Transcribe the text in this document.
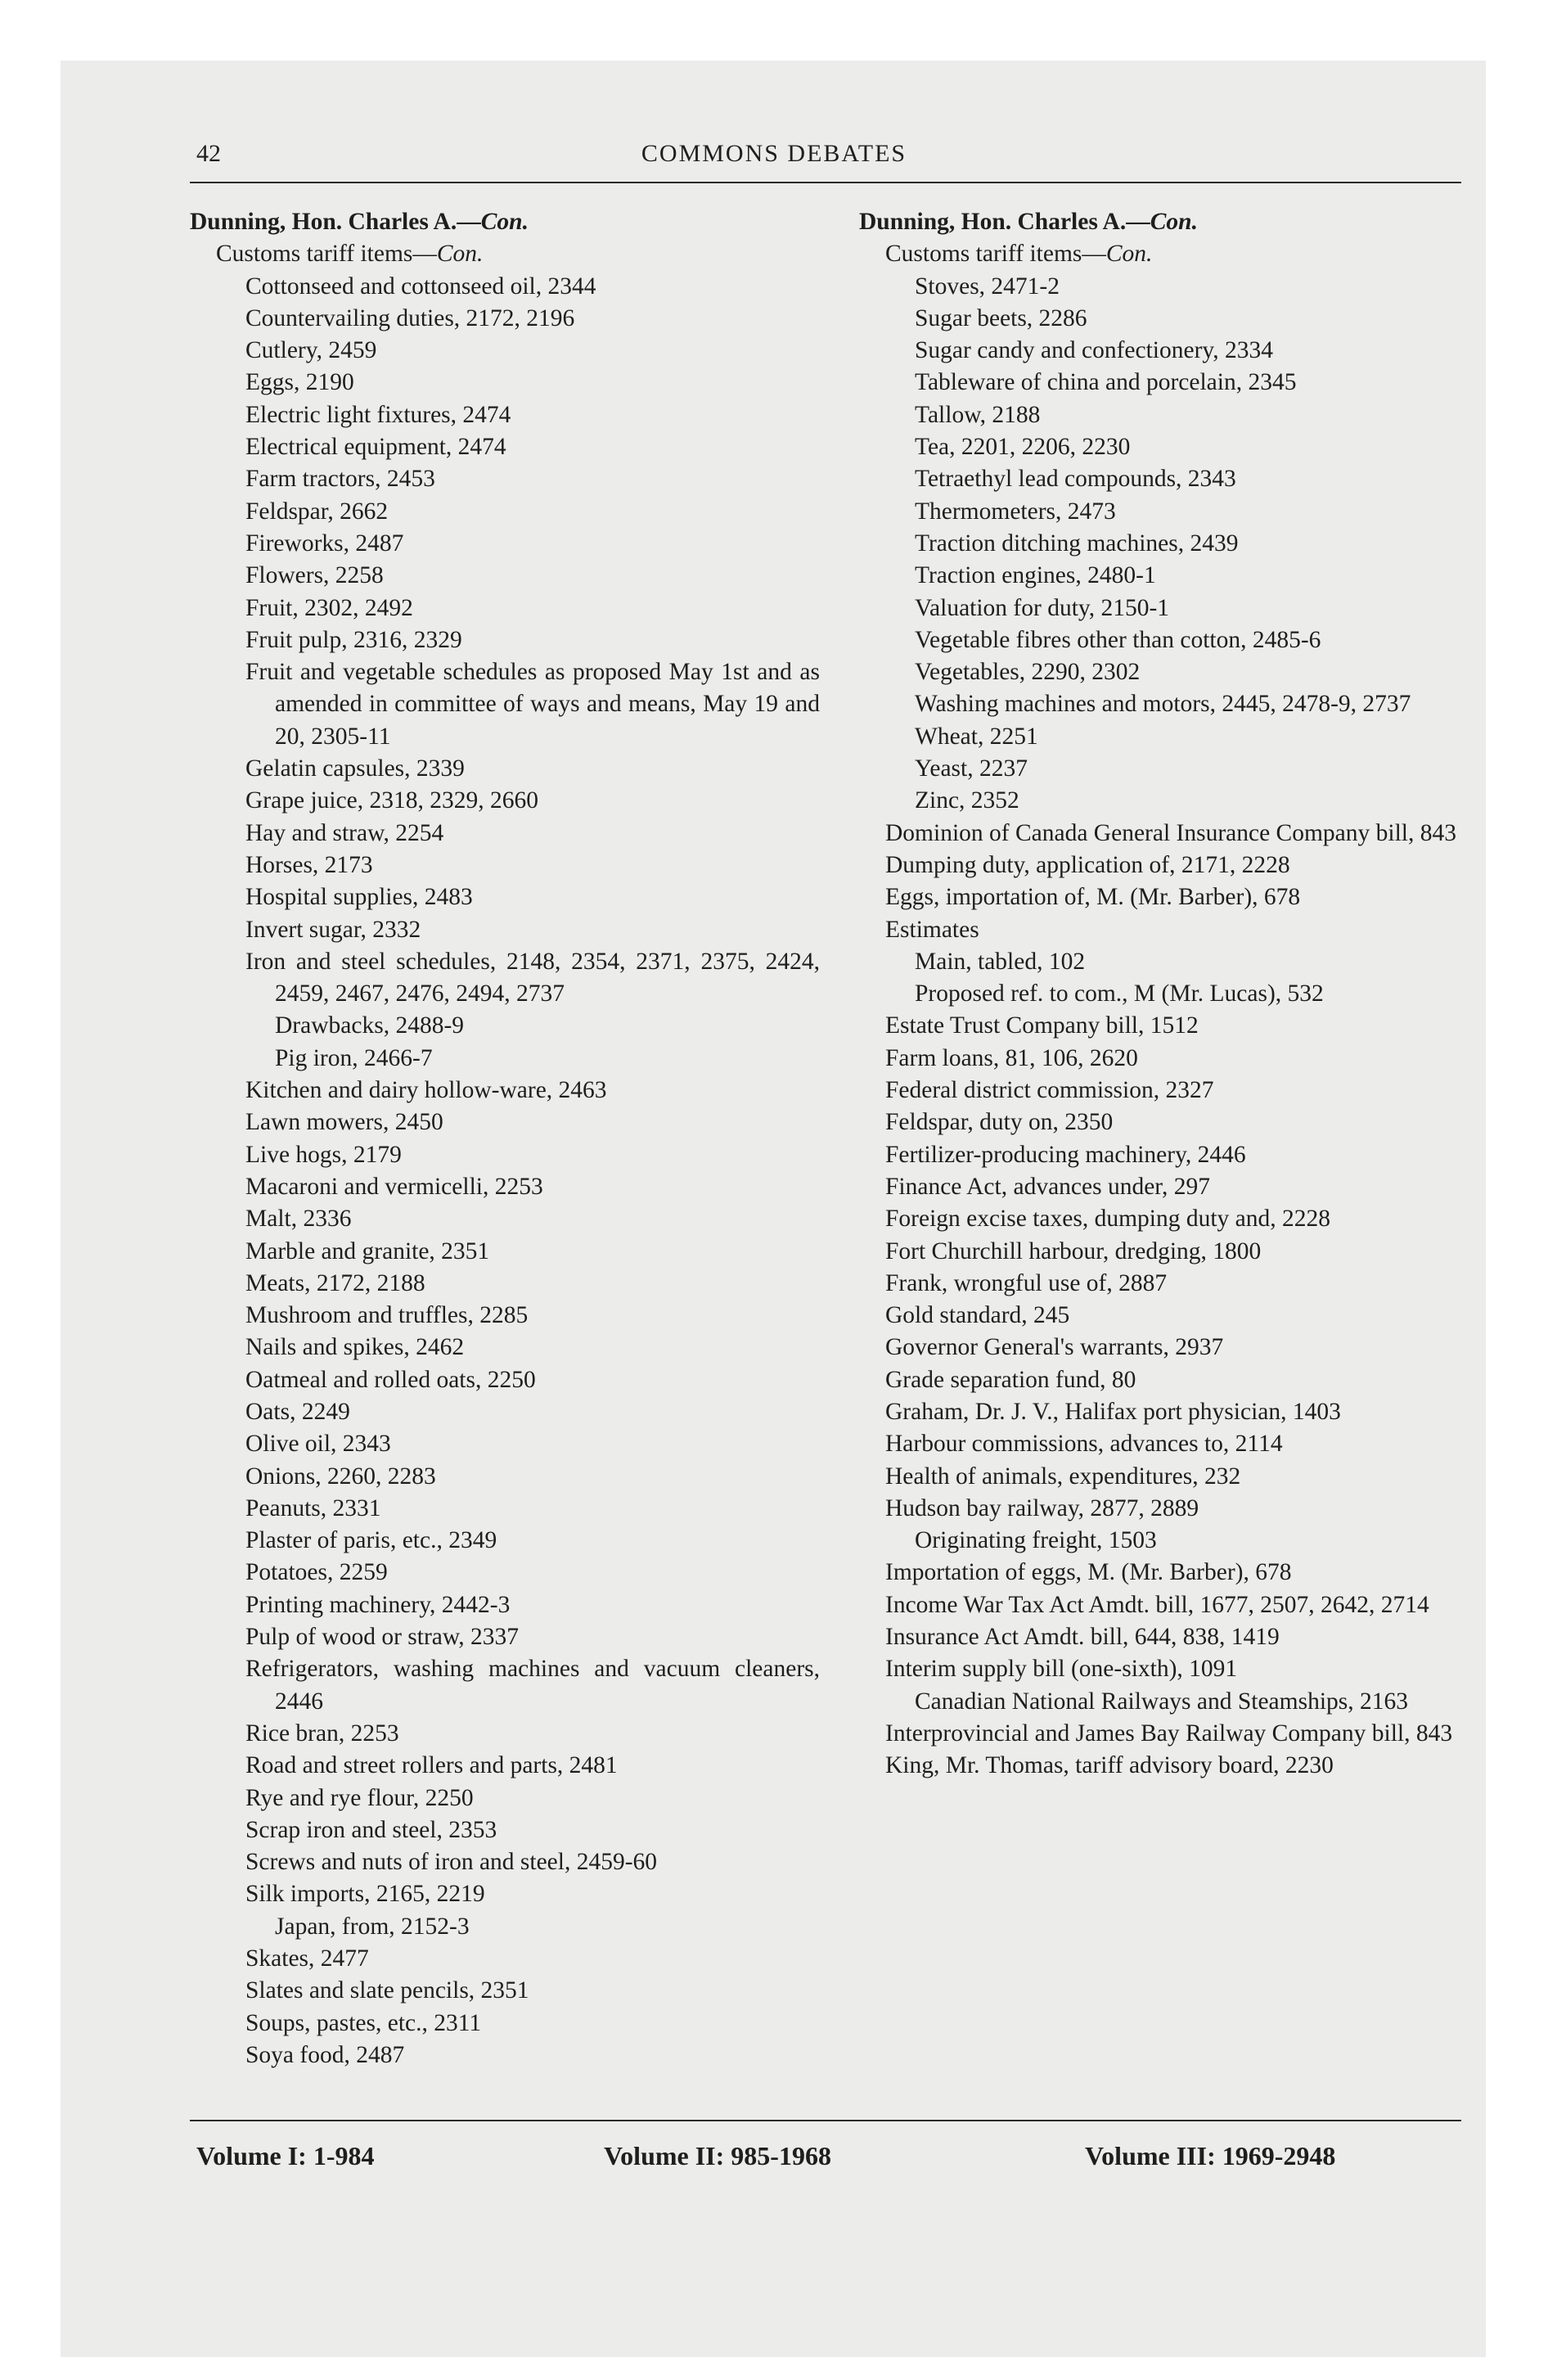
42	COMMONS DEBATES
Dunning, Hon. Charles A.—Con.
Customs tariff items—Con.
Cottonseed and cottonseed oil, 2344
Countervailing duties, 2172, 2196
Cutlery, 2459
Eggs, 2190
Electric light fixtures, 2474
Electrical equipment, 2474
Farm tractors, 2453
Feldspar, 2662
Fireworks, 2487
Flowers, 2258
Fruit, 2302, 2492
Fruit pulp, 2316, 2329
Fruit and vegetable schedules as proposed May 1st and as amended in committee of ways and means, May 19 and 20, 2305-11
Gelatin capsules, 2339
Grape juice, 2318, 2329, 2660
Hay and straw, 2254
Horses, 2173
Hospital supplies, 2483
Invert sugar, 2332
Iron and steel schedules, 2148, 2354, 2371, 2375, 2424, 2459, 2467, 2476, 2494, 2737
Drawbacks, 2488-9
Pig iron, 2466-7
Kitchen and dairy hollow-ware, 2463
Lawn mowers, 2450
Live hogs, 2179
Macaroni and vermicelli, 2253
Malt, 2336
Marble and granite, 2351
Meats, 2172, 2188
Mushroom and truffles, 2285
Nails and spikes, 2462
Oatmeal and rolled oats, 2250
Oats, 2249
Olive oil, 2343
Onions, 2260, 2283
Peanuts, 2331
Plaster of paris, etc., 2349
Potatoes, 2259
Printing machinery, 2442-3
Pulp of wood or straw, 2337
Refrigerators, washing machines and vacuum cleaners, 2446
Rice bran, 2253
Road and street rollers and parts, 2481
Rye and rye flour, 2250
Scrap iron and steel, 2353
Screws and nuts of iron and steel, 2459-60
Silk imports, 2165, 2219
Japan, from, 2152-3
Skates, 2477
Slates and slate pencils, 2351
Soups, pastes, etc., 2311
Soya food, 2487
Dunning, Hon. Charles A.—Con.
Customs tariff items—Con.
Stoves, 2471-2
Sugar beets, 2286
Sugar candy and confectionery, 2334
Tableware of china and porcelain, 2345
Tallow, 2188
Tea, 2201, 2206, 2230
Tetraethyl lead compounds, 2343
Thermometers, 2473
Traction ditching machines, 2439
Traction engines, 2480-1
Valuation for duty, 2150-1
Vegetable fibres other than cotton, 2485-6
Vegetables, 2290, 2302
Washing machines and motors, 2445, 2478-9, 2737
Wheat, 2251
Yeast, 2237
Zinc, 2352
Dominion of Canada General Insurance Company bill, 843
Dumping duty, application of, 2171, 2228
Eggs, importation of, M. (Mr. Barber), 678
Estimates
Main, tabled, 102
Proposed ref. to com., M (Mr. Lucas), 532
Estate Trust Company bill, 1512
Farm loans, 81, 106, 2620
Federal district commission, 2327
Feldspar, duty on, 2350
Fertilizer-producing machinery, 2446
Finance Act, advances under, 297
Foreign excise taxes, dumping duty and, 2228
Fort Churchill harbour, dredging, 1800
Frank, wrongful use of, 2887
Gold standard, 245
Governor General's warrants, 2937
Grade separation fund, 80
Graham, Dr. J. V., Halifax port physician, 1403
Harbour commissions, advances to, 2114
Health of animals, expenditures, 232
Hudson bay railway, 2877, 2889
Originating freight, 1503
Importation of eggs, M. (Mr. Barber), 678
Income War Tax Act Amdt. bill, 1677, 2507, 2642, 2714
Insurance Act Amdt. bill, 644, 838, 1419
Interim supply bill (one-sixth), 1091
Canadian National Railways and Steamships, 2163
Interprovincial and James Bay Railway Company bill, 843
King, Mr. Thomas, tariff advisory board, 2230
Volume I: 1-984	Volume II: 985-1968	Volume III: 1969-2948
